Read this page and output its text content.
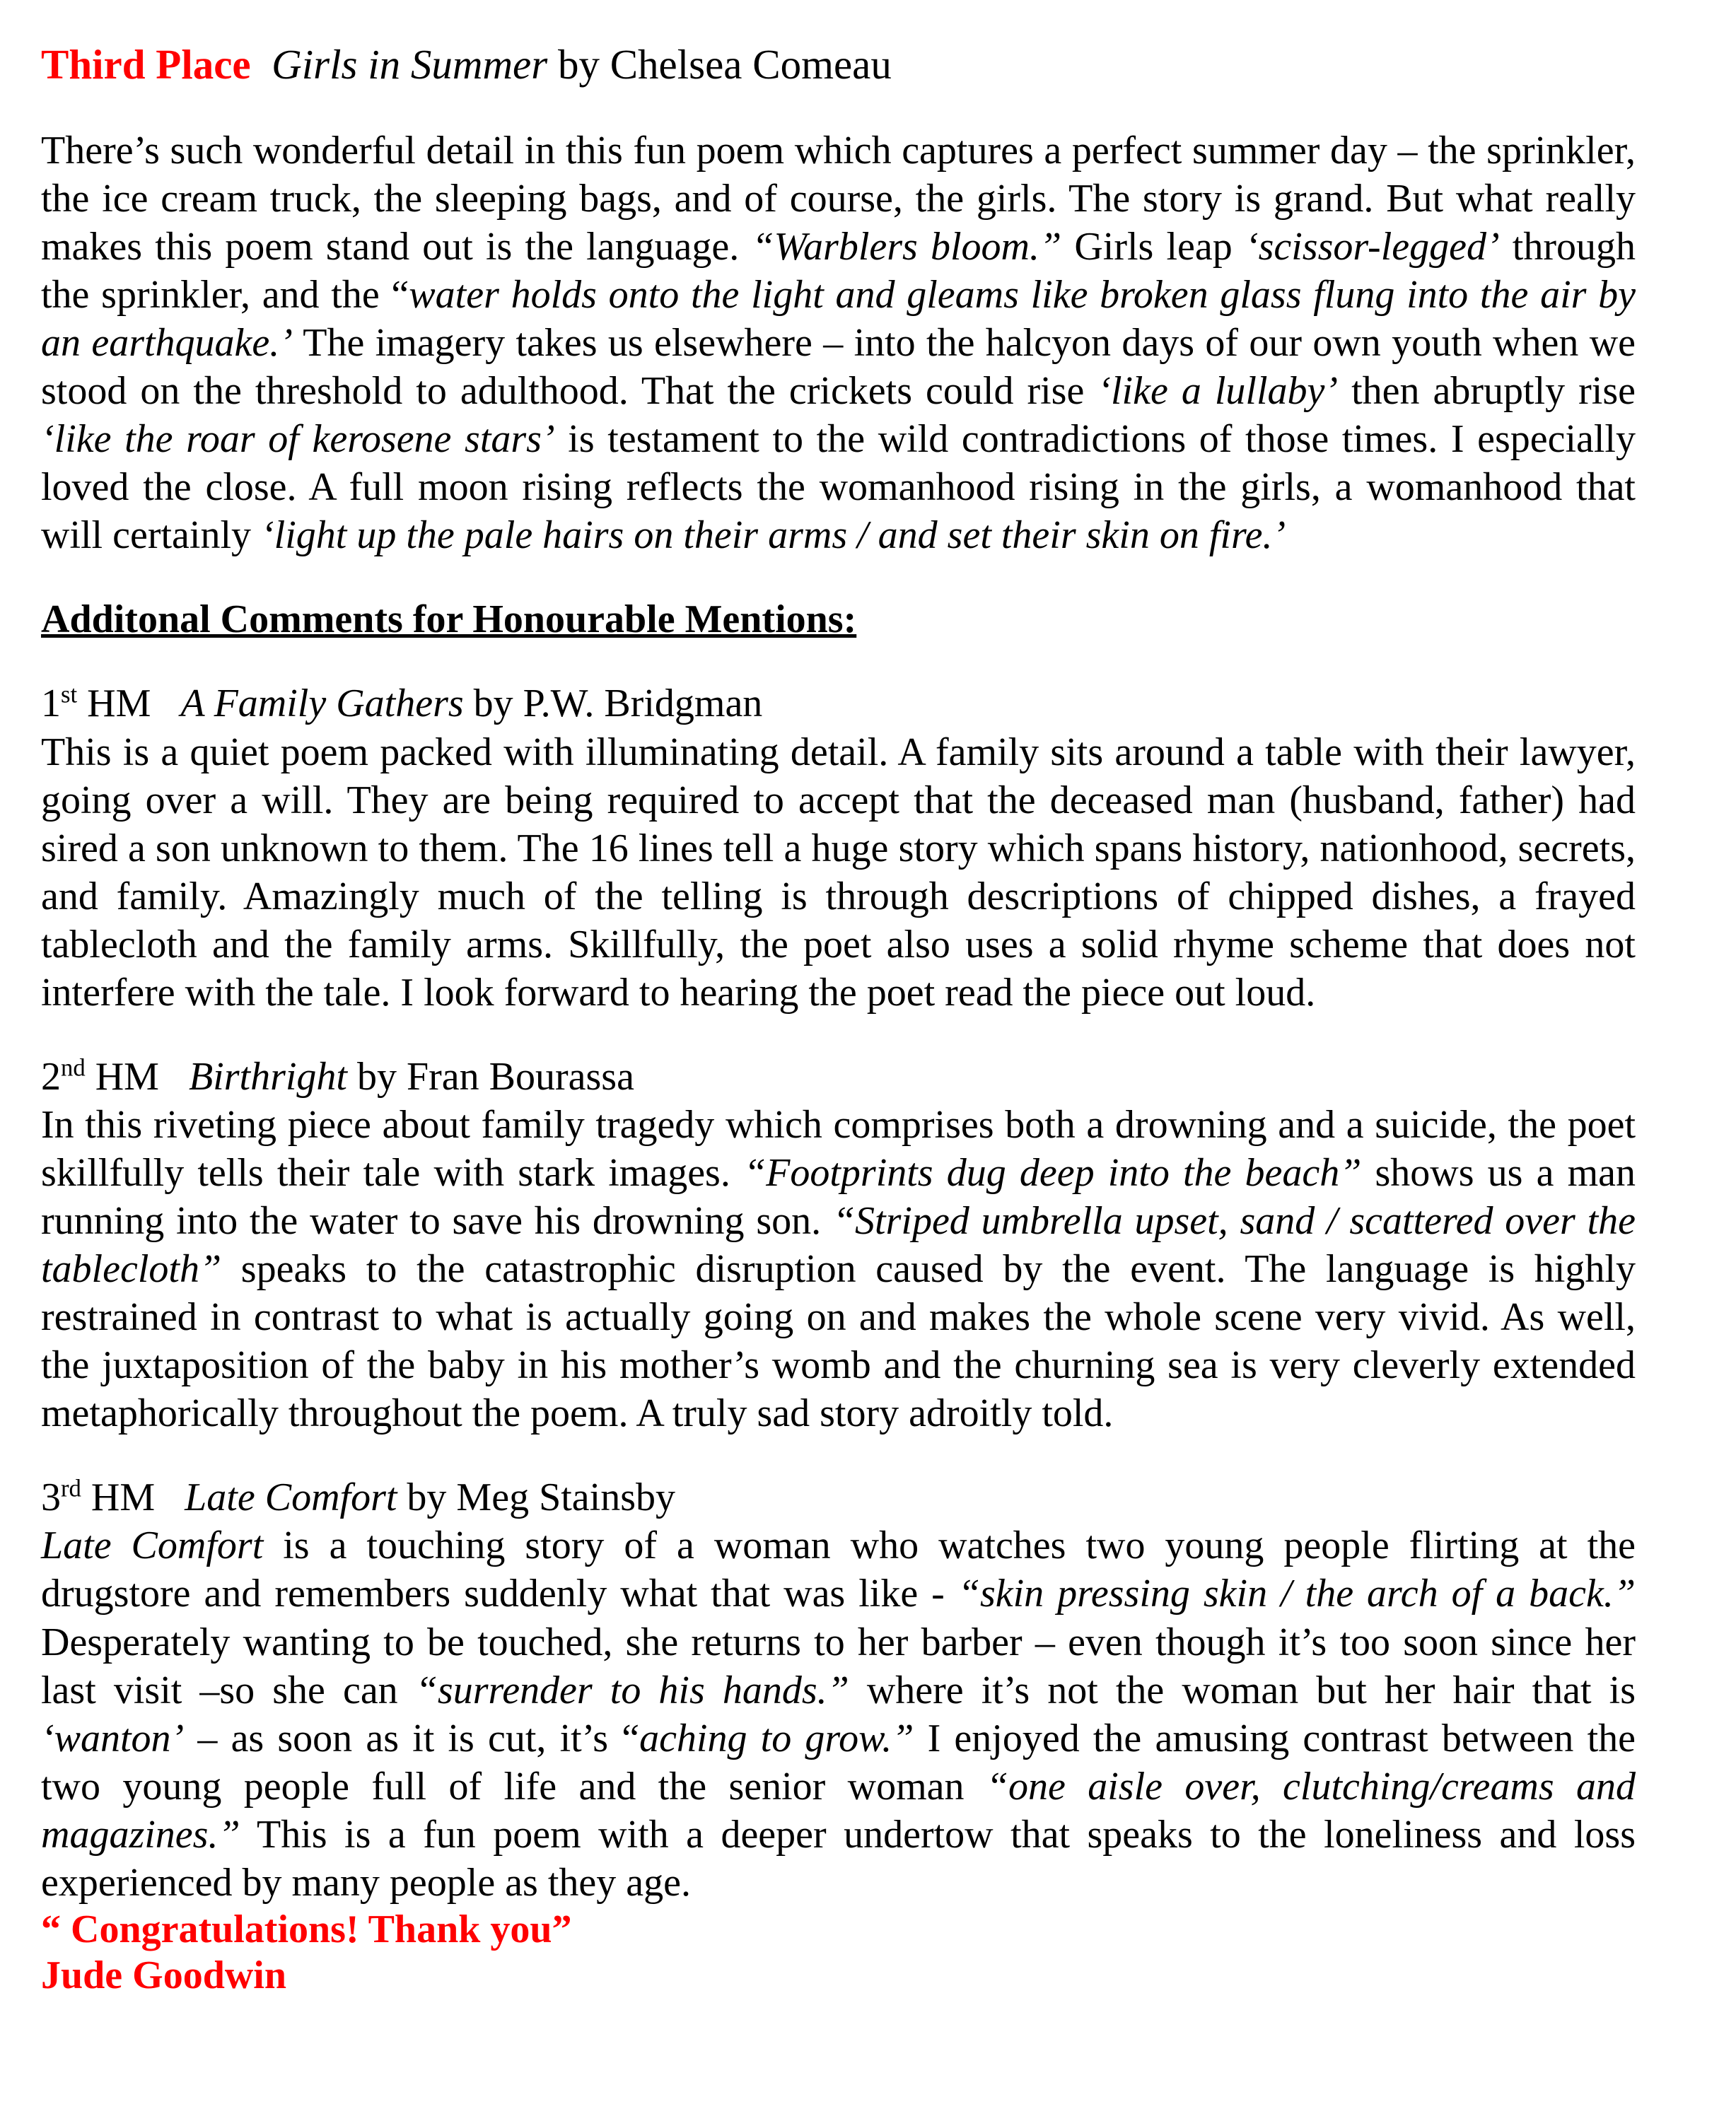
Third Place Girls in Summer by Chelsea Comeau

There’s such wonderful detail in this fun poem which captures a perfect summer day – the sprinkler, the ice cream truck, the sleeping bags, and of course, the girls. The story is grand. But what really makes this poem stand out is the language. “Warblers bloom.” Girls leap ‘scissor-legged’ through the sprinkler, and the “water holds onto the light and gleams like broken glass flung into the air by an earthquake.’ The imagery takes us elsewhere – into the halcyon days of our own youth when we stood on the threshold to adulthood. That the crickets could rise ‘like a lullaby’ then abruptly rise ‘like the roar of kerosene stars’ is testament to the wild contradictions of those times. I especially loved the close. A full moon rising reflects the womanhood rising in the girls, a womanhood that will certainly ‘light up the pale hairs on their arms / and set their skin on fire.’

Additonal Comments for Honourable Mentions:

1st HM A Family Gathers by P.W. Bridgman

This is a quiet poem packed with illuminating detail. A family sits around a table with their lawyer, going over a will. They are being required to accept that the deceased man (husband, father) had sired a son unknown to them. The 16 lines tell a huge story which spans history, nationhood, secrets, and family. Amazingly much of the telling is through descriptions of chipped dishes, a frayed tablecloth and the family arms. Skillfully, the poet also uses a solid rhyme scheme that does not interfere with the tale. I look forward to hearing the poet read the piece out loud.

2nd HM Birthright by Fran Bourassa

In this riveting piece about family tragedy which comprises both a drowning and a suicide, the poet skillfully tells their tale with stark images. “Footprints dug deep into the beach” shows us a man running into the water to save his drowning son. “Striped umbrella upset, sand / scattered over the tablecloth” speaks to the catastrophic disruption caused by the event. The language is highly restrained in contrast to what is actually going on and makes the whole scene very vivid. As well, the juxtaposition of the baby in his mother’s womb and the churning sea is very cleverly extended metaphorically throughout the poem. A truly sad story adroitly told.

3rd HM Late Comfort by Meg Stainsby

Late Comfort is a touching story of a woman who watches two young people flirting at the drugstore and remembers suddenly what that was like - “skin pressing skin / the arch of a back.” Desperately wanting to be touched, she returns to her barber – even though it’s too soon since her last visit –so she can “surrender to his hands.” where it’s not the woman but her hair that is ‘wanton’ – as soon as it is cut, it’s “aching to grow.” I enjoyed the amusing contrast between the two young people full of life and the senior woman “one aisle over, clutching/creams and magazines.” This is a fun poem with a deeper undertow that speaks to the loneliness and loss experienced by many people as they age.

“ Congratulations! Thank you”

Jude Goodwin
